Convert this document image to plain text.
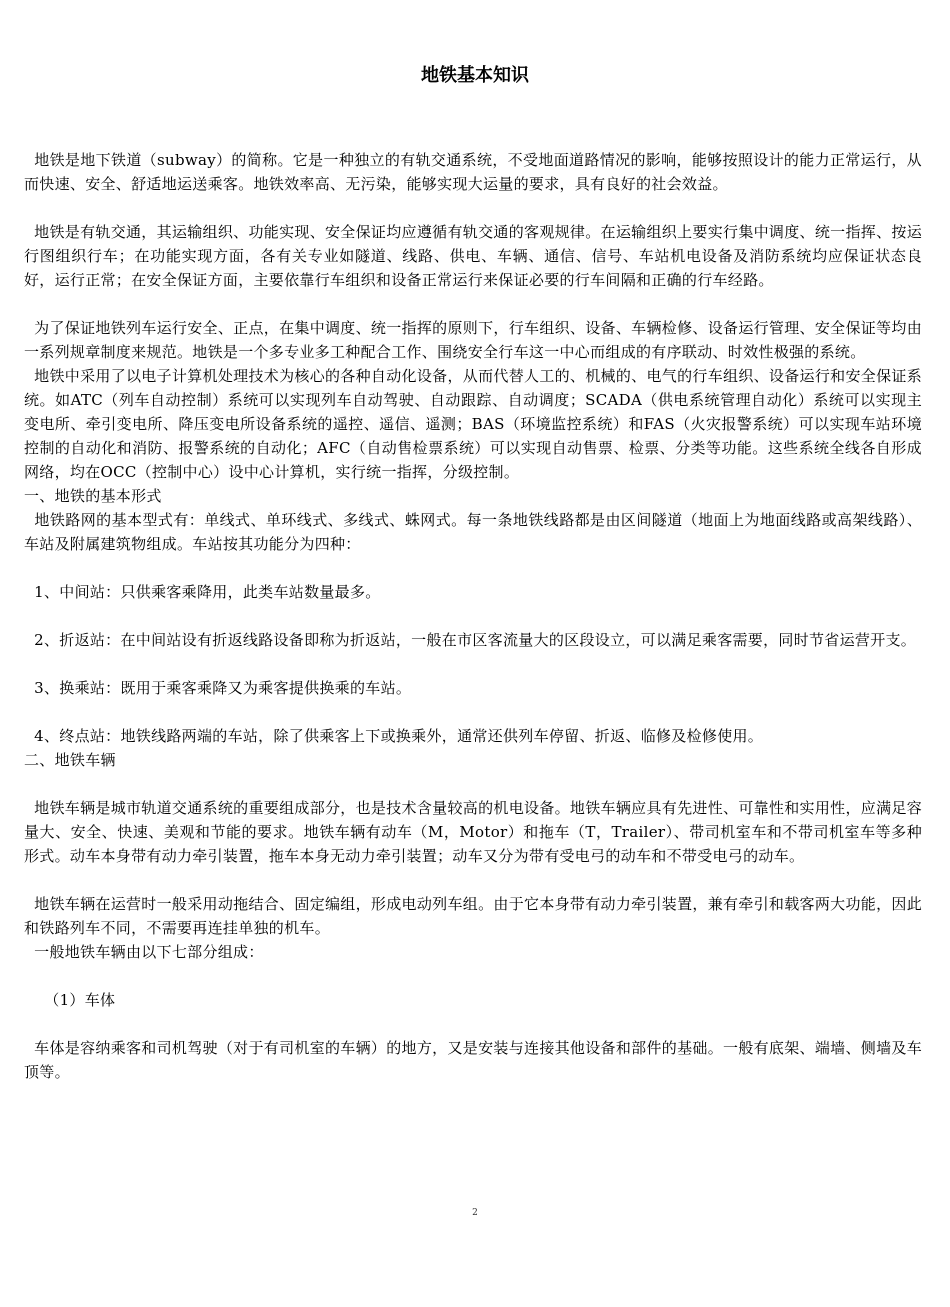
地铁基本知识

地铁是地下铁道（subway）的简称。它是一种独立的有轨交通系统，不受地面道路情况的影响，能够按照设计的能力正常运行，从而快速、安全、舒适地运送乘客。地铁效率高、无污染，能够实现大运量的要求，具有良好的社会效益。

地铁是有轨交通，其运输组织、功能实现、安全保证均应遵循有轨交通的客观规律。在运输组织上要实行集中调度、统一指挥、按运行图组织行车；在功能实现方面，各有关专业如隧道、线路、供电、车辆、通信、信号、车站机电设备及消防系统均应保证状态良好，运行正常；在安全保证方面，主要依靠行车组织和设备正常运行来保证必要的行车间隔和正确的行车经路。

为了保证地铁列车运行安全、正点，在集中调度、统一指挥的原则下，行车组织、设备、车辆检修、设备运行管理、安全保证等均由一系列规章制度来规范。地铁是一个多专业多工种配合工作、围绕安全行车这一中心而组成的有序联动、时效性极强的系统。

地铁中采用了以电子计算机处理技术为核心的各种自动化设备，从而代替人工的、机械的、电气的行车组织、设备运行和安全保证系统。如ATC（列车自动控制）系统可以实现列车自动驾驶、自动跟踪、自动调度；SCADA（供电系统管理自动化）系统可以实现主变电所、牵引变电所、降压变电所设备系统的遥控、遥信、遥测；BAS（环境监控系统）和FAS（火灾报警系统）可以实现车站环境控制的自动化和消防、报警系统的自动化；AFC（自动售检票系统）可以实现自动售票、检票、分类等功能。这些系统全线各自形成网络，均在OCC（控制中心）设中心计算机，实行统一指挥，分级控制。

一、地铁的基本形式

地铁路网的基本型式有：单线式、单环线式、多线式、蛛网式。每一条地铁线路都是由区间隧道（地面上为地面线路或高架线路）、车站及附属建筑物组成。车站按其功能分为四种：

1、中间站：只供乘客乘降用，此类车站数量最多。

2、折返站：在中间站设有折返线路设备即称为折返站，一般在市区客流量大的区段设立，可以满足乘客需要，同时节省运营开支。

3、换乘站：既用于乘客乘降又为乘客提供换乘的车站。

4、终点站：地铁线路两端的车站，除了供乘客上下或换乘外，通常还供列车停留、折返、临修及检修使用。

二、地铁车辆

地铁车辆是城市轨道交通系统的重要组成部分，也是技术含量较高的机电设备。地铁车辆应具有先进性、可靠性和实用性，应满足容量大、安全、快速、美观和节能的要求。地铁车辆有动车（M，Motor）和拖车（T，Trailer）、带司机室车和不带司机室车等多种形式。动车本身带有动力牵引装置，拖车本身无动力牵引装置；动车又分为带有受电弓的动车和不带受电弓的动车。

地铁车辆在运营时一般采用动拖结合、固定编组，形成电动列车组。由于它本身带有动力牵引装置，兼有牵引和载客两大功能，因此和铁路列车不同，不需要再连挂单独的机车。

一般地铁车辆由以下七部分组成：

（1）车体

车体是容纳乘客和司机驾驶（对于有司机室的车辆）的地方，又是安装与连接其他设备和部件的基础。一般有底架、端墙、侧墙及车顶等。

2
